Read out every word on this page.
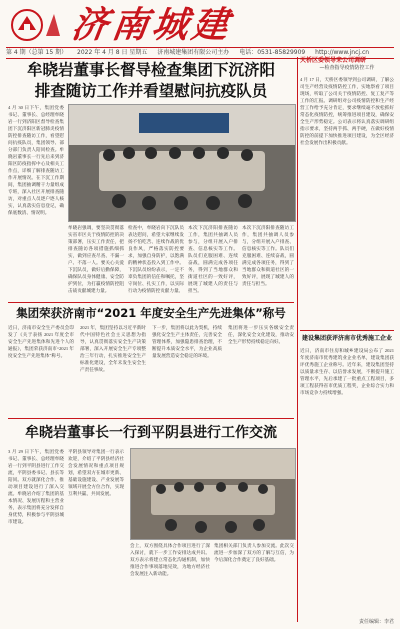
济南城建
第 4 期（总第 15 期） 2022 年 4 月 8 日 星期五 济南城建集团有限公司主办 电话：0531-85829909 http://www.jncj.cn
牟晓岩董事长督导检查集团下沉济阳
排查随访工作并看望慰问抗疫队员
4 月 30 日下午，集团党委书记、董事长、总经理牟晓岩一行到济阳区督导检查集团下沉济阳区新冠肺炎疫情防控排查随访工作，看望慰问抗疫队员，集团领导、部分部门负责人陪同检查。牟晓岩董事长一行先后来到济阳区防疫指挥中心及相关工作点，详细了解排查随访工作开展情况。在下沉工作期间，集团抽调精干力量组成专班，深入社区开展排查随访，对重点人员逐户逐人核实，认真落实信息登记，确保底数清、情况明。
牟晓岩强调，要坚决贯彻落实省市区关于疫情防控的决策部署，压实工作责任，把排查随访各项措施抓细抓实，做到应查尽查、不漏一户、不落一人。要关心关爱下沉队员，做好后勤保障，确保队员身体健康、安全防护到位，为打赢疫情防控阻击战贡献城建力量。
检查中，牟晓岩向下沉队员表达慰问，希望大家继续发扬不怕吃苦、连续作战的优良作风，严格落实防控要求，加强自身防护，以饱满的精神状态投入到工作中。下沉队员纷纷表示，一定不辜负集团的信任和嘱托，坚守岗位、扎实工作，以实际行动为疫情防控贡献力量。
本次下沉济阳排查随访工作，集团共抽调人员参与，分组开展入户排查、信息核实等工作。队员们克服困难、连续奋战，圆满完成各项任务，得到了当地群众和街道社区的一致好评，展现了城建人的责任与担当。
本次下沉济阳排查随访工作，集团共抽调人员参与，分组开展入户排查、信息核实等工作。队员们克服困难、连续奋战，圆满完成各项任务，得到了当地群众和街道社区的一致好评，展现了城建人的责任与担当。
集团荣获济南市“2021 年度安全生产先进集体”称号
近日，济南市安全生产委员会印发了《关于表扬 2021 年度全市安全生产先进集体和先进个人的通报》，集团荣获济南市“2021 年度安全生产先进集体”称号。
2021 年，集团坚持以习近平新时代中国特色社会主义思想为指导，认真贯彻落实安全生产决策部署，深入开展安全生产专项整治三年行动，扎实推进安全生产标准化建设，全年未发生安全生产责任事故。
下一步，集团将以此为契机，持续强化安全生产主体责任，完善安全管理体系，加强隐患排查治理，不断提升本质安全水平，为企业高质量发展营造安全稳定的环境。
集团将进一步压实各级安全责任，深化安全文化建设，推动安全生产形势持续稳定向好。
牟晓岩董事长一行到平阴县进行工作交流
3 月 29 日下午，集团党委书记、董事长、总经理牟晓岩一行到平阴县进行工作交流，平阴县委书记、县长等陪同。双方就深化合作、推动项目建设进行了深入交流。牟晓岩介绍了集团的基本情况、发展历程和主营业务，表示集团将充分发挥自身优势，积极参与平阴县城市建设。
平阴县领导对集团一行表示欢迎，介绍了平阴县经济社会发展情况和重点项目规划，希望双方在城市更新、基础设施建设、产业发展等领域开展全方位合作，实现互利共赢、共同发展。
会上，双方围绕具体合作项目进行了深入探讨，就下一步工作安排达成共识。双方表示将建立常态化沟通机制，加快推进合作事项落地见效，为地方经济社会发展注入新动能。
集团相关部门负责人参加交流。此次交流进一步加深了双方的了解与互信，为今后深化合作奠定了良好基础。
天桥区委领导来公司调研
—检查指导疫情防控工作
4 月 17 日，天桥区委领导到公司调研，了解公司生产经营及疫情防控工作，实地察看了项目现场，听取了公司关于疫情防控、复工复产等工作的汇报。调研组对公司疫情防控和生产经营工作给予充分肯定，要求继续毫不放松抓好常态化疫情防控，统筹推进项目建设，确保安全生产形势稳定。公司表示将认真落实调研组指示要求，坚持两手抓、两手硬，在做好疫情防控的前提下加快推进项目建设，为全区经济社会发展作出积极贡献。
建设集团获评济南市优秀施工企业
近日，济南市住房和城乡建设局公布了 2021 年度济南市优秀建筑业企业名单，建设集团获评优秀施工企业称号。近年来，建设集团坚持以质量求生存、以信誉求发展，不断提升施工管理水平，先后承建了一批重点工程项目，多项工程获得省市优质工程奖，企业综合实力和市场竞争力持续增强。
责任编辑：李君
